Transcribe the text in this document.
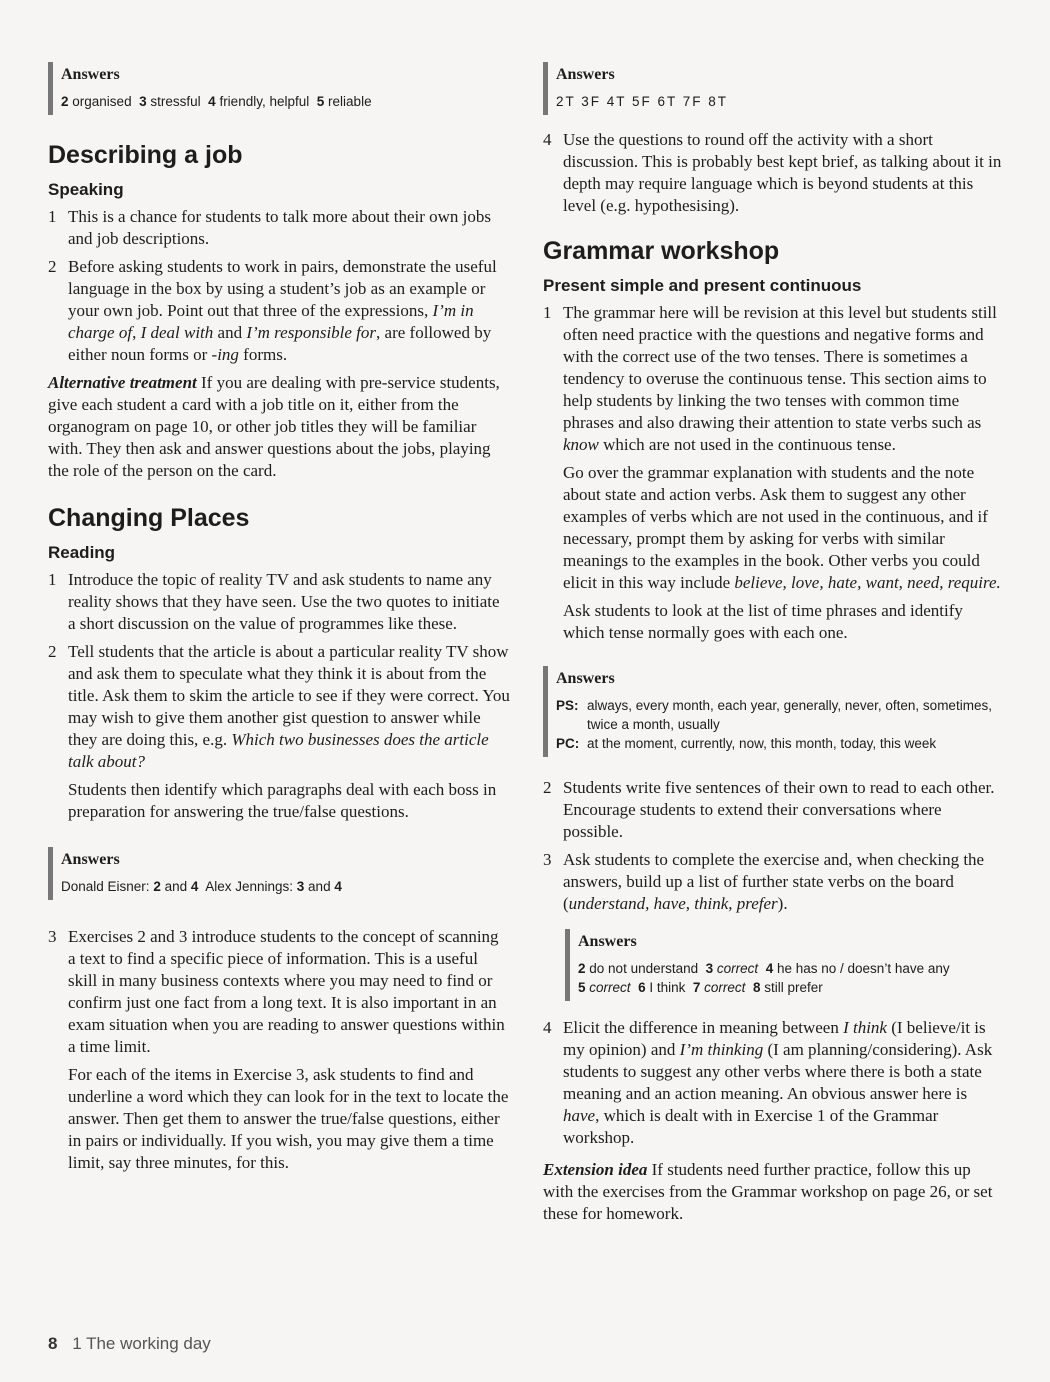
Answers
2 organised 3 stressful 4 friendly, helpful 5 reliable
Describing a job
Speaking
1 This is a chance for students to talk more about their own jobs and job descriptions.
2 Before asking students to work in pairs, demonstrate the useful language in the box by using a student’s job as an example or your own job. Point out that three of the expressions, I’m in charge of, I deal with and I’m responsible for, are followed by either noun forms or -ing forms.

Alternative treatment If you are dealing with pre-service students, give each student a card with a job title on it, either from the organogram on page 10, or other job titles they will be familiar with. They then ask and answer questions about the jobs, playing the role of the person on the card.

Changing Places
Reading
1 Introduce the topic of reality TV and ask students to name any reality shows that they have seen. Use the two quotes to initiate a short discussion on the value of programmes like these.
2 Tell students that the article is about a particular reality TV show and ask them to speculate what they think it is about from the title. Ask them to skim the article to see if they were correct. You may wish to give them another gist question to answer while they are doing this, e.g. Which two businesses does the article talk about?

Students then identify which paragraphs deal with each boss in preparation for answering the true/false questions.

Answers
Donald Eisner: 2 and 4 Alex Jennings: 3 and 4
3 Exercises 2 and 3 introduce students to the concept of scanning a text to find a specific piece of information. This is a useful skill in many business contexts where you may need to find or confirm just one fact from a long text. It is also important in an exam situation when you are reading to answer questions within a time limit.

For each of the items in Exercise 3, ask students to find and underline a word which they can look for in the text to locate the answer. Then get them to answer the true/false questions, either in pairs or individually. If you wish, you may give them a time limit, say three minutes, for this.

Answers
2T 3F 4T 5F 6T 7F 8T
4 Use the questions to round off the activity with a short discussion. This is probably best kept brief, as talking about it in depth may require language which is beyond students at this level (e.g. hypothesising).
Grammar workshop
Present simple and present continuous
1 The grammar here will be revision at this level but students still often need practice with the questions and negative forms and with the correct use of the two tenses. There is sometimes a tendency to overuse the continuous tense. This section aims to help students by linking the two tenses with common time phrases and also drawing their attention to state verbs such as know which are not used in the continuous tense.

Go over the grammar explanation with students and the note about state and action verbs. Ask them to suggest any other examples of verbs which are not used in the continuous, and if necessary, prompt them by asking for verbs with similar meanings to the examples in the book. Other verbs you could elicit in this way include believe, love, hate, want, need, require.

Ask students to look at the list of time phrases and identify which tense normally goes with each one.

Answers
PS: always, every month, each year, generally, never, often, sometimes, twice a month, usually
PC: at the moment, currently, now, this month, today, this week
2 Students write five sentences of their own to read to each other. Encourage students to extend their conversations where possible.
3 Ask students to complete the exercise and, when checking the answers, build up a list of further state verbs on the board (understand, have, think, prefer).
Answers
2 do not understand 3 correct 4 he has no / doesn’t have any
5 correct 6 I think 7 correct 8 still prefer
4 Elicit the difference in meaning between I think (I believe/it is my opinion) and I’m thinking (I am planning/considering). Ask students to suggest any other verbs where there is both a state meaning and an action meaning. An obvious answer here is have, which is dealt with in Exercise 1 of the Grammar workshop.

Extension idea If students need further practice, follow this up with the exercises from the Grammar workshop on page 26, or set these for homework.

8 1 The working day
